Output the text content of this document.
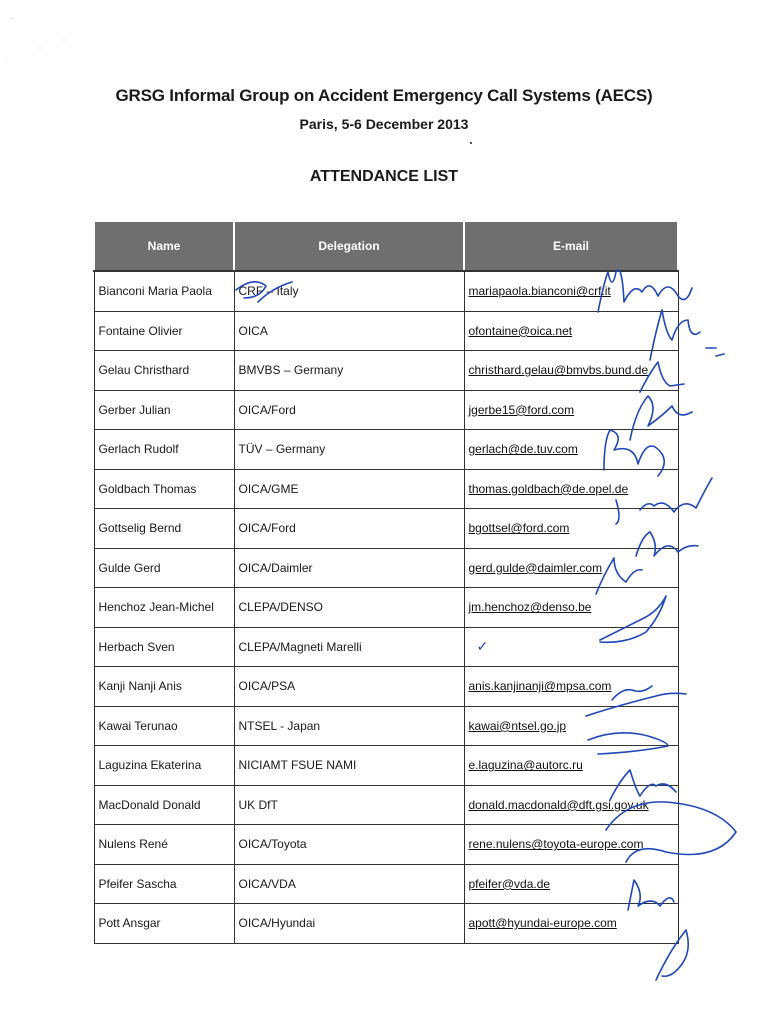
GRSG Informal Group on Accident Emergency Call Systems (AECS)
Paris, 5-6 December 2013
ATTENDANCE LIST
Name	Delegation	E-mail
Bianconi Maria Paola	CRF – Italy	mariapaola.bianconi@crf.it
Fontaine Olivier	OICA	ofontaine@oica.net
Gelau Christhard	BMVBS – Germany	christhard.gelau@bmvbs.bund.de
Gerber Julian	OICA/Ford	jgerbe15@ford.com
Gerlach Rudolf	TÜV – Germany	gerlach@de.tuv.com
Goldbach Thomas	OICA/GME	thomas.goldbach@de.opel.de
Gottselig Bernd	OICA/Ford	bgottsel@ford.com
Gulde Gerd	OICA/Daimler	gerd.gulde@daimler.com
Henchoz Jean-Michel	CLEPA/DENSO	jm.henchoz@denso.be
Herbach Sven	CLEPA/Magneti Marelli	✓
Kanji Nanji Anis	OICA/PSA	anis.kanjinanji@mpsa.com
Kawai Terunao	NTSEL - Japan	kawai@ntsel.go.jp
Laguzina Ekaterina	NICIAMT FSUE NAMI	e.laguzina@autorc.ru
MacDonald Donald	UK DfT	donald.macdonald@dft.gsi.gov.uk
Nulens René	OICA/Toyota	rene.nulens@toyota-europe.com
Pfeifer Sascha	OICA/VDA	pfeifer@vda.de
Pott Ansgar	OICA/Hyundai	apott@hyundai-europe.com
